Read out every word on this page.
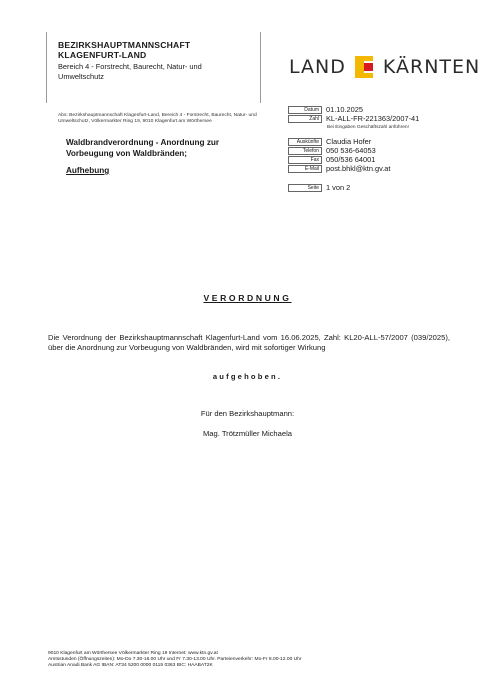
BEZIRKSHAUPTMANNSCHAFT
KLAGENFURT-LAND
Bereich 4 - Forstrecht, Baurecht, Natur- und Umweltschutz	LAND KÄRNTEN
Abs: Bezirkshauptmannschaft Klagenfurt-Land, Bereich 4 - Forstrecht, Baurecht, Natur- und Umweltschutz, Völkermarkter Ring 19, 9010 Klagenfurt am Wörthersee
Waldbrandverordnung - Anordnung zur Vorbeugung von Waldbränden;
Aufhebung
Datum 01.10.2025
Zahl KL-ALL-FR-221363/2007-41
Bei Eingaben Geschäftszahl anführen!
Auskünfte Claudia Hofer
Telefon 050 536-64053
Fax 050/536 64001
E-Mail post.bhkl@ktn.gv.at
Seite 1 von 2
VERORDNUNG
Die Verordnung der Bezirkshauptmannschaft Klagenfurt-Land vom 16.06.2025, Zahl: KL20-ALL-57/2007 (039/2025), über die Anordnung zur Vorbeugung von Waldbränden, wird mit sofortiger Wirkung
aufgehoben.
Für den Bezirkshauptmann:
Mag. Trötzmüller Michaela
9010 Klagenfurt am Wörthersee Völkermarkter Ring 19 Internet: www.ktn.gv.at
Amtsstunden (Öffnungszeiten): Mo-Do 7.30-16.00 Uhr und Fr 7.30-13.00 Uhr. Parteienverkehr: Mo-Fr 8.00-12.00 Uhr
Austrian Anadi Bank AG IBAN: AT34 5200 0000 0115 0363 BIC: HAABAT2K
